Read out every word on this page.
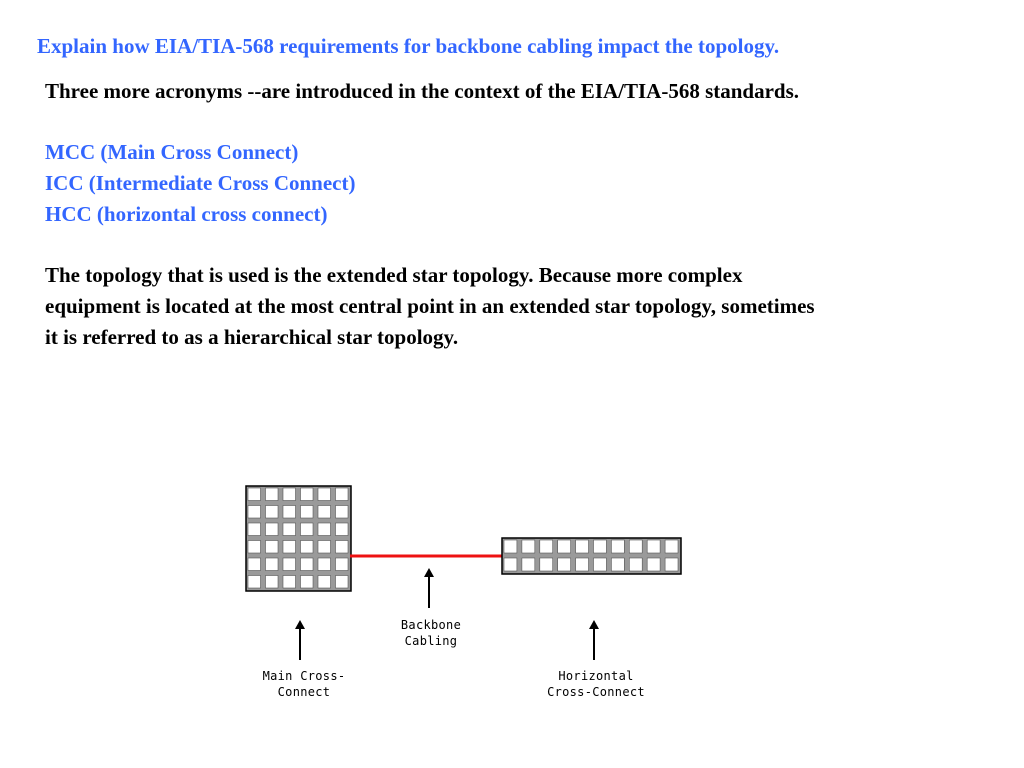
Explain how EIA/TIA-568 requirements for backbone cabling impact the topology.
Three more acronyms --are introduced in the context of the EIA/TIA-568 standards.
MCC (Main Cross Connect)
ICC (Intermediate Cross Connect)
HCC (horizontal cross connect)
The topology that is used is the extended star topology. Because more complex
equipment is located at the most central point in an extended star topology, sometimes
it is referred to as a hierarchical star topology.
Backbone
Cabling
Main Cross-
Connect
Horizontal
Cross-Connect
